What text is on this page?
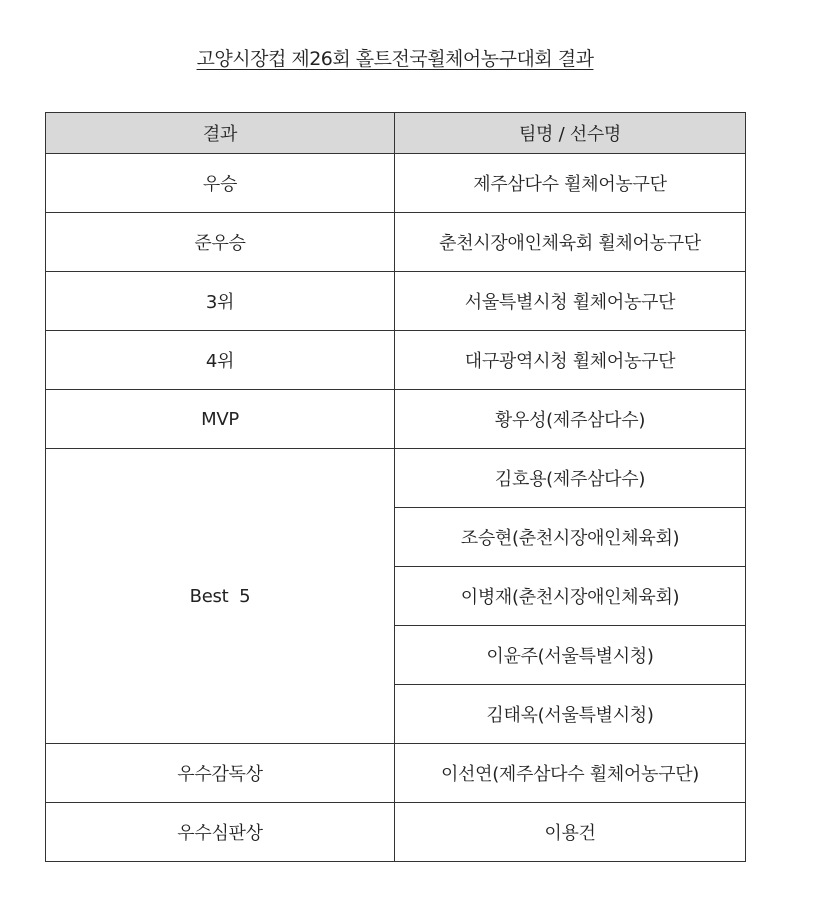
고양시장컵 제26회 홀트전국휠체어농구대회 결과
결과	팀명 / 선수명
우승	제주삼다수 휠체어농구단
준우승	춘천시장애인체육회 휠체어농구단
3위	서울특별시청 휠체어농구단
4위	대구광역시청 휠체어농구단
MVP	황우성(제주삼다수)
Best  5	김호용(제주삼다수)
	조승현(춘천시장애인체육회)
	이병재(춘천시장애인체육회)
	이윤주(서울특별시청)
	김태옥(서울특별시청)
우수감독상	이선연(제주삼다수 휠체어농구단)
우수심판상	이용건
